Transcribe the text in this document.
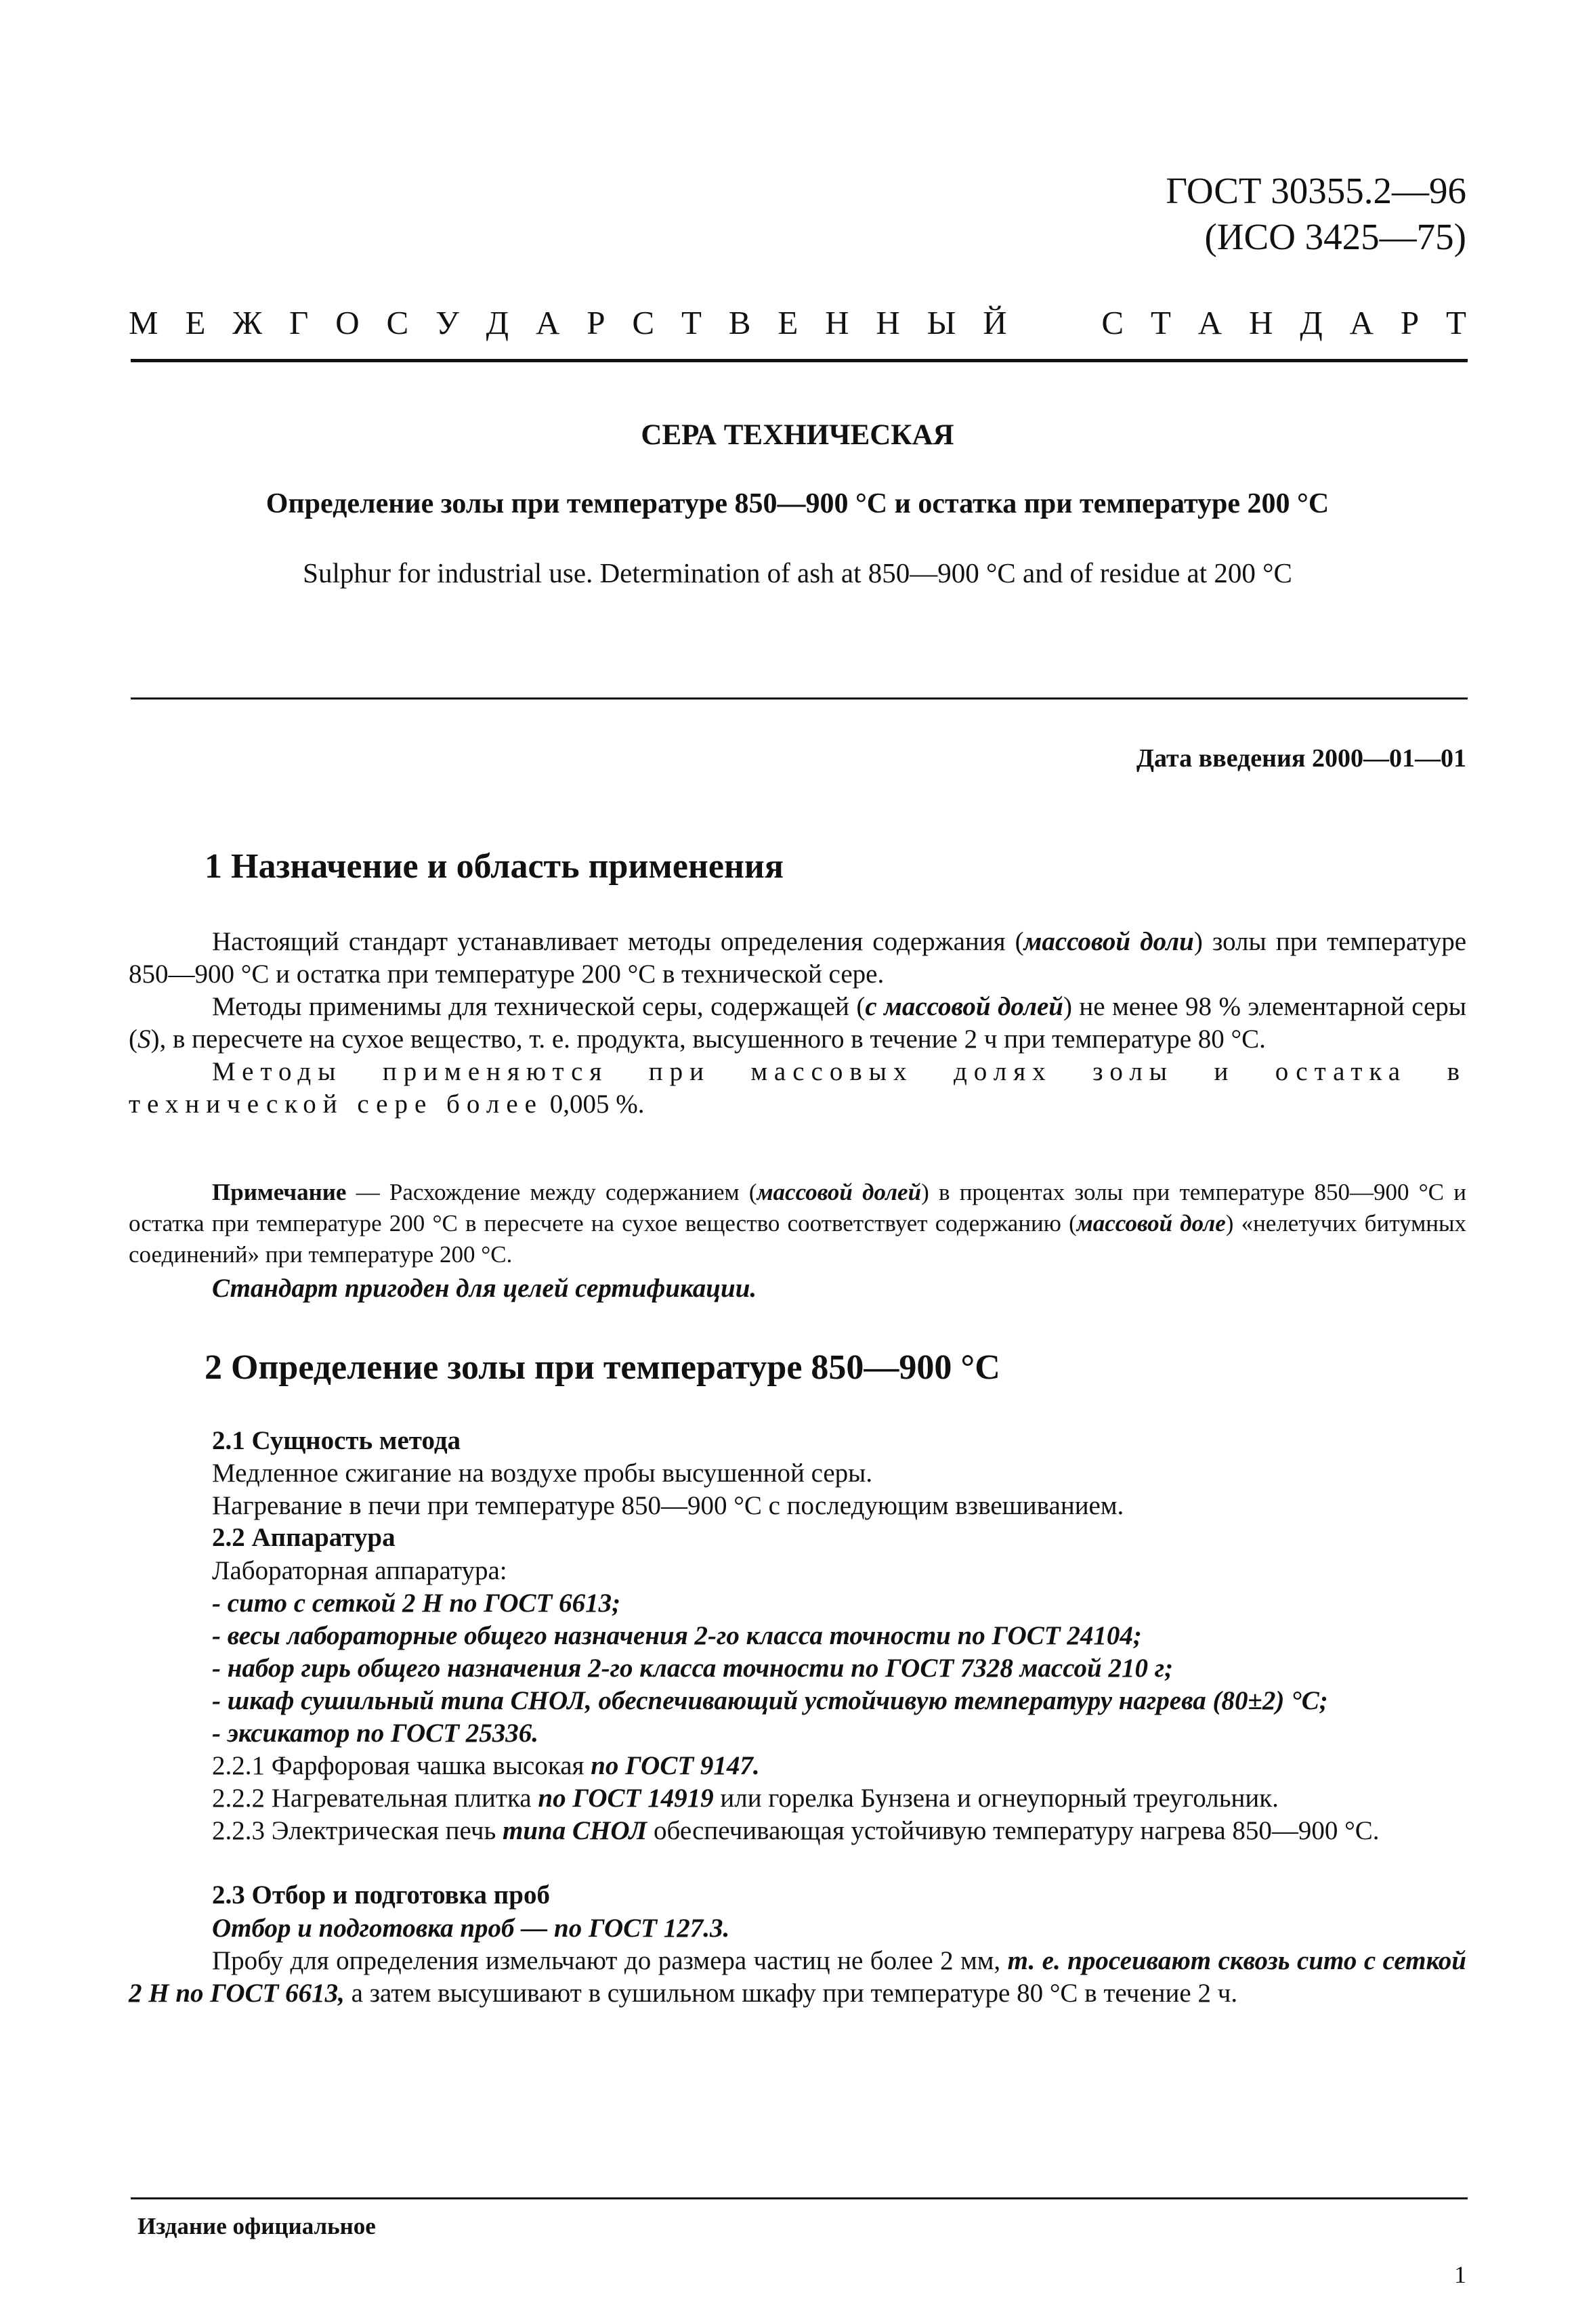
ГОСТ 30355.2—96
(ИСО 3425—75)
М Е Ж Г О С У Д А Р С Т В Е Н Н Ы Й	С Т А Н Д А Р Т
СЕРА ТЕХНИЧЕСКАЯ
Определение золы при температуре 850—900 °С и остатка при температуре 200 °С
Sulphur for industrial use. Determination of ash at 850—900 °C and of residue at 200 °C
Дата введения 2000—01—01
1 Назначение и область применения

Настоящий стандарт устанавливает методы определения содержания (массовой доли) золы при температуре 850—900 °С и остатка при температуре 200 °С в технической сере.

Методы применимы для технической серы, содержащей (с массовой долей) не менее 98 % элементарной серы (S), в пересчете на сухое вещество, т. е. продукта, высушенного в течение 2 ч при температуре 80 °С.

Методы применяются при массовых долях золы и остатка в технической сере более 0,005 %.

Примечание — Расхождение между содержанием (массовой долей) в процентах золы при температуре 850—900 °С и остатка при температуре 200 °С в пересчете на сухое вещество соответствует содержанию (массовой доле) «нелетучих битумных соединений» при температуре 200 °С.

Стандарт пригоден для целей сертификации.
2 Определение золы при температуре 850—900 °С
2.1 Сущность метода
Медленное сжигание на воздухе пробы высушенной серы.
Нагревание в печи при температуре 850—900 °С с последующим взвешиванием.
2.2 Аппаратура
Лабораторная аппаратура:
- сито с сеткой 2 Н по ГОСТ 6613;
- весы лабораторные общего назначения 2-го класса точности по ГОСТ 24104;
- набор гирь общего назначения 2-го класса точности по ГОСТ 7328 массой 210 г;
- шкаф сушильный типа СНОЛ, обеспечивающий устойчивую температуру нагрева (80±2) °С;
- эксикатор по ГОСТ 25336.
2.2.1 Фарфоровая чашка высокая по ГОСТ 9147.
2.2.2 Нагревательная плитка по ГОСТ 14919 или горелка Бунзена и огнеупорный треугольник.
2.2.3 Электрическая печь типа СНОЛ обеспечивающая устойчивую температуру нагрева 850—900 °С.
2.3 Отбор и подготовка проб
Отбор и подготовка проб — по ГОСТ 127.3.
Пробу для определения измельчают до размера частиц не более 2 мм, т. е. просеивают сквозь сито с сеткой 2 Н по ГОСТ 6613, а затем высушивают в сушильном шкафу при температуре 80 °С в течение 2 ч.
Издание официальное
1
